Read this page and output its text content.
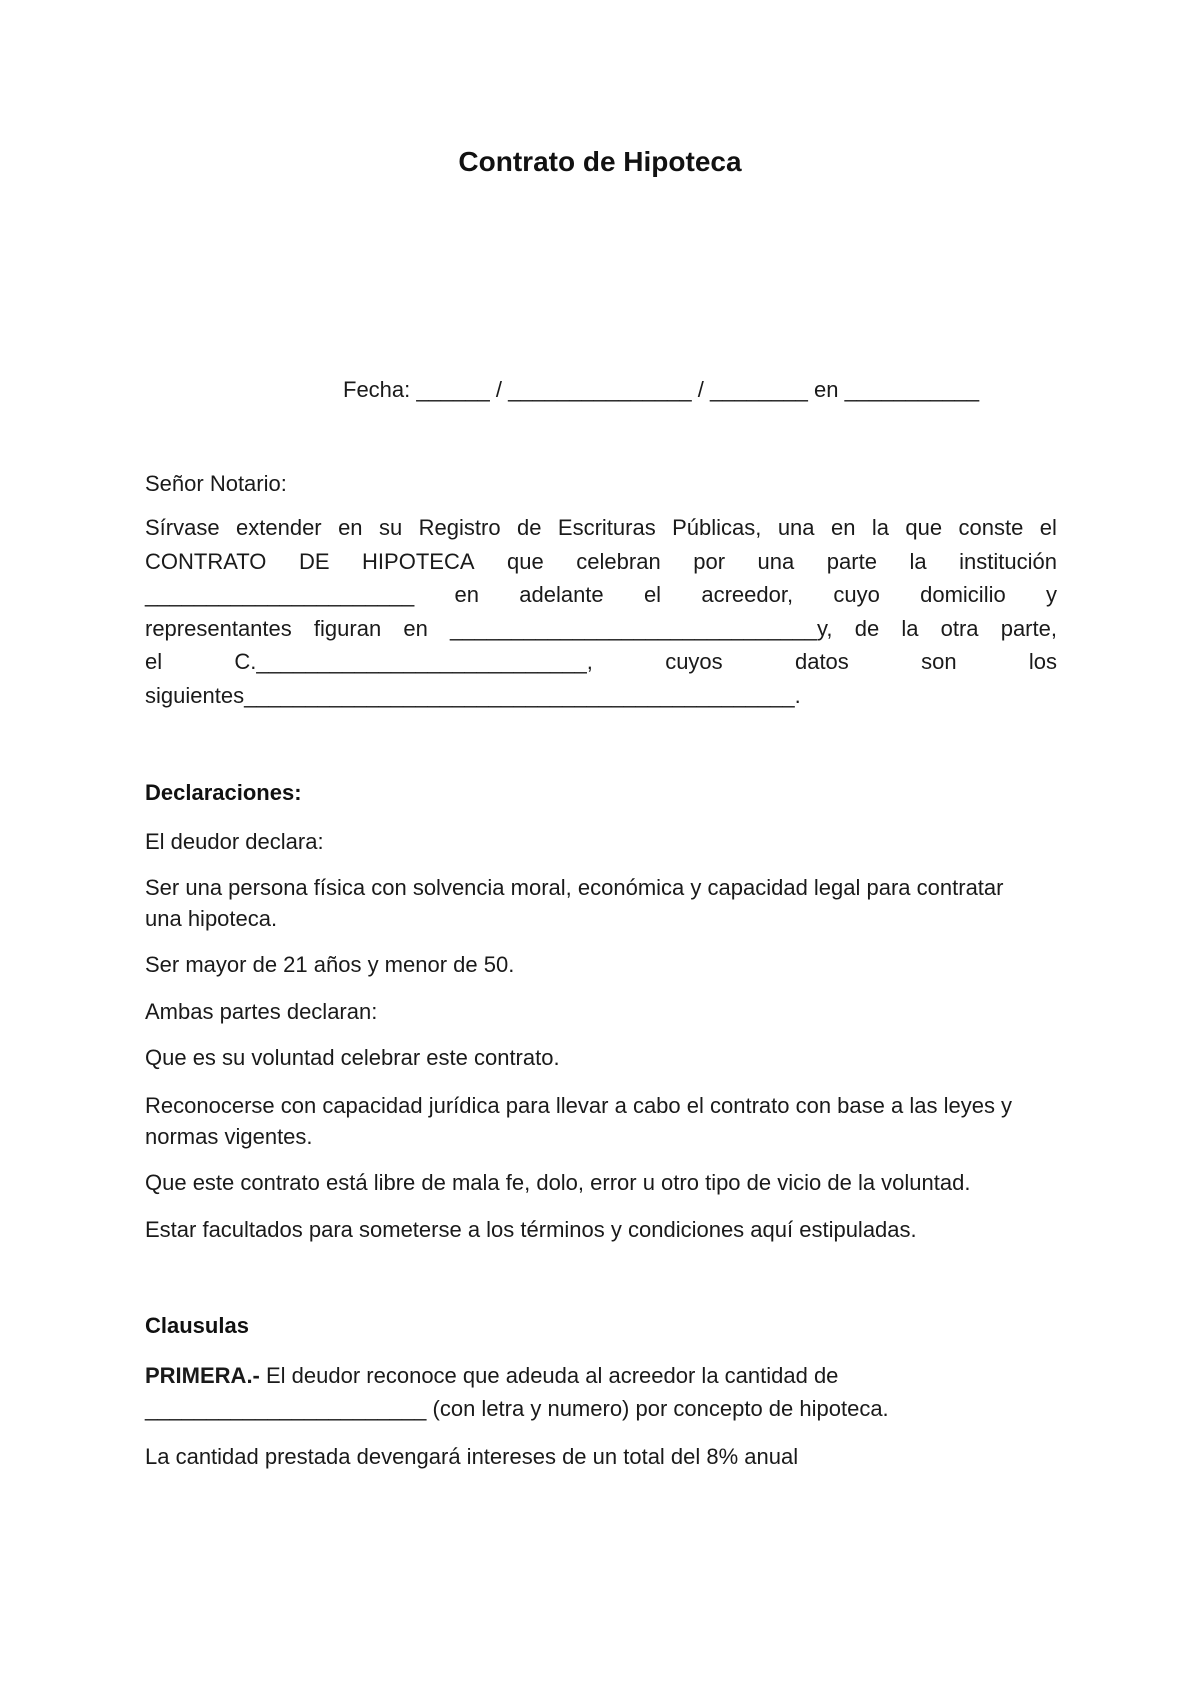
Contrato de Hipoteca
Fecha: ______ / _______________ / ________ en ___________
Señor Notario:
Sírvase extender en su Registro de Escrituras Públicas, una en la que conste el
CONTRATO DE HIPOTECA que celebran por una parte la institución
______________________ en adelante el acreedor, cuyo domicilio y
representantes figuran en ______________________________y, de la otra parte,
el	C.___________________________,	cuyos	datos	son	los
siguientes_____________________________________________.
Declaraciones:
El deudor declara:
Ser una persona física con solvencia moral, económica y capacidad legal para contratar una hipoteca.
Ser mayor de 21 años y menor de 50.
Ambas partes declaran:
Que es su voluntad celebrar este contrato.
Reconocerse con capacidad jurídica para llevar a cabo el contrato con base a las leyes y normas vigentes.
Que este contrato está libre de mala fe, dolo, error u otro tipo de vicio de la voluntad.
Estar facultados para someterse a los términos y condiciones aquí estipuladas.
Clausulas
PRIMERA.- El deudor reconoce que adeuda al acreedor la cantidad de
_______________________ (con letra y numero) por concepto de hipoteca.
La cantidad prestada devengará intereses de un total del 8% anual
